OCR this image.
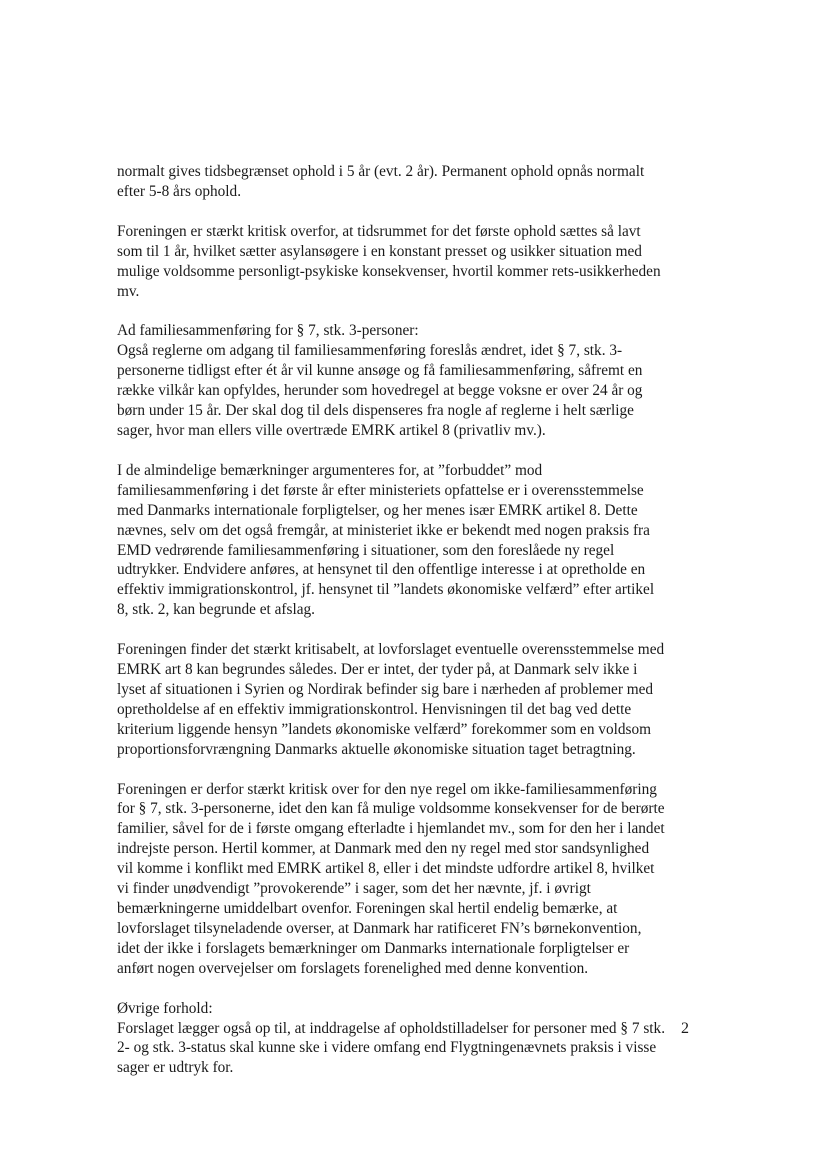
normalt gives tidsbegrænset ophold i 5 år (evt. 2 år). Permanent ophold opnås normalt
efter 5-8 års ophold.

Foreningen er stærkt kritisk overfor, at tidsrummet for det første ophold sættes så lavt
som til 1 år, hvilket sætter asylansøgere i en konstant presset og usikker situation med
mulige voldsomme personligt-psykiske konsekvenser, hvortil kommer rets-usikkerheden
mv.

Ad familiesammenføring for § 7, stk. 3-personer:
Også reglerne om adgang til familiesammenføring foreslås ændret, idet § 7, stk. 3-
personerne tidligst efter ét år vil kunne ansøge og få familiesammenføring, såfremt en
række vilkår kan opfyldes, herunder som hovedregel at begge voksne er over 24 år og
børn under 15 år. Der skal dog til dels dispenseres fra nogle af reglerne i helt særlige
sager, hvor man ellers ville overtræde EMRK artikel 8 (privatliv mv.).

I de almindelige bemærkninger argumenteres for, at ”forbuddet” mod
familiesammenføring i det første år efter ministeriets opfattelse er i overensstemmelse
med Danmarks internationale forpligtelser, og her menes især EMRK artikel 8. Dette
nævnes, selv om det også fremgår, at ministeriet ikke er bekendt med nogen praksis fra
EMD vedrørende familiesammenføring i situationer, som den foreslåede ny regel
udtrykker. Endvidere anføres, at hensynet til den offentlige interesse i at opretholde en
effektiv immigrationskontrol, jf. hensynet til ”landets økonomiske velfærd” efter artikel
8, stk. 2, kan begrunde et afslag.

Foreningen finder det stærkt kritisabelt, at lovforslaget eventuelle overensstemmelse med
EMRK art 8 kan begrundes således. Der er intet, der tyder på, at Danmark selv ikke i
lyset af situationen i Syrien og Nordirak befinder sig bare i nærheden af problemer med
opretholdelse af en effektiv immigrationskontrol. Henvisningen til det bag ved dette
kriterium liggende hensyn ”landets økonomiske velfærd” forekommer som en voldsom
proportionsforvrængning Danmarks aktuelle økonomiske situation taget betragtning.

Foreningen er derfor stærkt kritisk over for den nye regel om ikke-familiesammenføring
for § 7, stk. 3-personerne, idet den kan få mulige voldsomme konsekvenser for de berørte
familier, såvel for de i første omgang efterladte i hjemlandet mv., som for den her i landet
indrejste person. Hertil kommer, at Danmark med den ny regel med stor sandsynlighed
vil komme i konflikt med EMRK artikel 8, eller i det mindste udfordre artikel 8, hvilket
vi finder unødvendigt ”provokerende” i sager, som det her nævnte, jf. i øvrigt
bemærkningerne umiddelbart ovenfor. Foreningen skal hertil endelig bemærke, at
lovforslaget tilsyneladende overser, at Danmark har ratificeret FN’s børnekonvention,
idet der ikke i forslagets bemærkninger om Danmarks internationale forpligtelser er
anført nogen overvejelser om forslagets forenelighed med denne konvention.

Øvrige forhold:
Forslaget lægger også op til, at inddragelse af opholdstilladelser for personer med § 7 stk.
2- og stk. 3-status skal kunne ske i videre omfang end Flygtningenævnets praksis i visse
sager er udtryk for.

2
